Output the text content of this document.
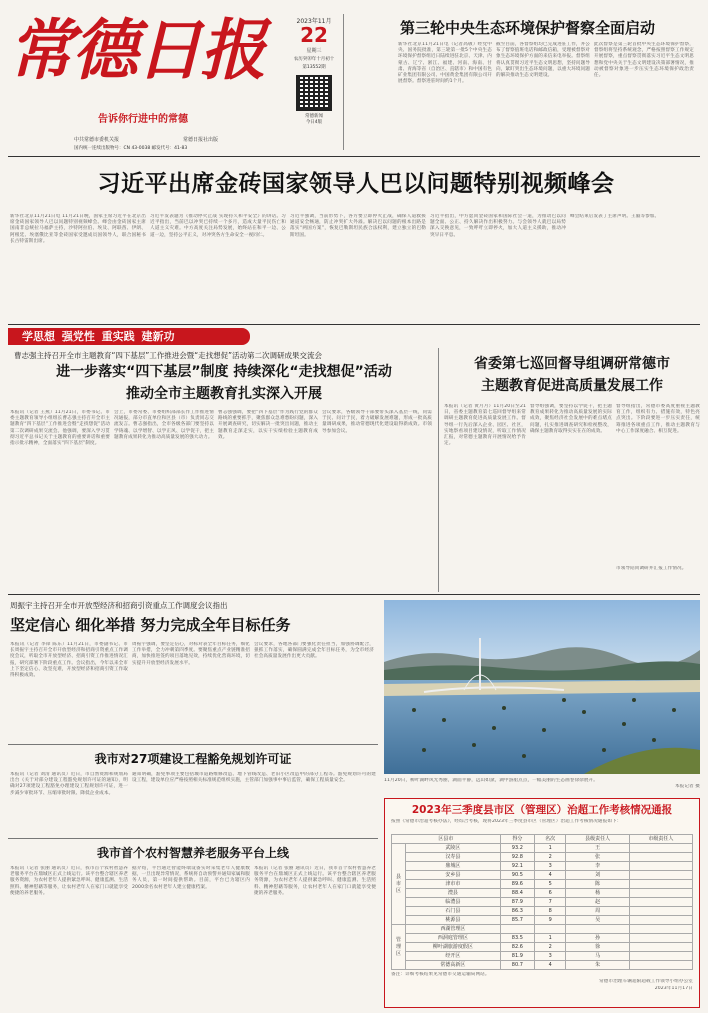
常德日报
告诉你行进中的常德
中共常德市委机关报	常德日报社出版
国内统一连续出版物号：CN 43-0038 邮发代号：41-83
2023年11月
22
星期三
农历癸卯年十月初十
第13552期
常德新闻
今日4版
第三轮中央生态环境保护督察全面启动
新华社北京11月21日电（记者高敬）经党中央、国务院批准，第三轮第一批5个中央生态环境保护督察组近日陆续进驻北京、天津、内蒙古、辽宁、浙江、福建、河南、海南、甘肃、青海等省（自治区、直辖市）和中国有色矿业集团有限公司、中国黄金集团有限公司开展督察。督察进驻时间约1个月。
截至目前，各督察组均已完成进驻工作，并公布了督察值班电话和邮政信箱，受理被督察对象生态环境保护方面的来信来电举报。督察组将认真贯彻习近平生态文明思想，坚持问题导向，紧盯突出生态环境问题，以重大环境问题的解决推动生态文明建设。
此次督察是第三轮首批中央生态环境保护督察，督察组将坚持系统观念，严格按照督察工作规定开展督察，重点督察贯彻落实习近平生态文明思想和党中央关于生态文明建设决策部署情况，推动被督察对象进一步压实生态环境保护政治责任。
习近平出席金砖国家领导人巴以问题特别视频峰会
新华社北京11月21日电 11月21日晚，国家主席习近平在北京出席金砖国家领导人巴以问题特别视频峰会。峰会由金砖国家主席国南非总统拉马福萨主持，沙特阿拉伯、埃及、阿联酋、伊朗、阿根廷、埃塞俄比亚等金砖国家受邀成员国领导人，联合国秘书长古特雷斯出席。
习近平发表题为《推动停火止战 实现持久和平安全》的讲话。习近平指出，当前巴以冲突已持续一个多月，造成大量平民伤亡和人道主义灾难。中方高度关注局势发展，始终站在和平一边、公道一边，坚持公平正义，对冲突各方生命安全一视同仁。
习近平强调，当前形势下，各方要立即停火止战，确保人道救援通道安全畅通，防止冲突扩大外溢。解决巴以问题的根本出路是落实“两国方案”，恢复巴勒斯坦民族合法权利，建立独立的巴勒斯坦国。
习近平指出，中方愿同金砖国家和国际社会一道，为推动巴以问题全面、公正、持久解决作出积极努力。与会领导人就巴以局势深入交换意见，一致呼吁立即停火，加大人道主义援助，推动冲突早日平息。
峰会结束后发表了主席声明。王毅等参加。
学思想 强党性 重实践 建新功
曹志强主持召开全市主题教育“四下基层”工作推进会暨“走找想促”活动第二次调研成果交流会
进一步落实“四下基层”制度 持续深化“走找想促”活动
推动全市主题教育扎实深入开展
本报讯（记者 王燕）11月21日，市委书记、市委主题教育领导小组组长曹志强主持召开全市主题教育“四下基层”工作推进会暨“走找想促”活动第二次调研成果交流会。他强调，要深入学习贯彻习近平总书记关于主题教育的重要讲话和重要指示批示精神，全面落实“四下基层”制度。
会上，市委常委、市委组织部部长作工作推进情况通报，部分市直单位和区县（市）负责同志交流发言。曹志强指出，全市各级各部门要坚持以学铸魂、以学增智、以学正风、以学促干，把主题教育成果转化为推动高质量发展的强大动力。
曹志强强调，要把“四下基层”作为践行党的群众路线的重要抓手，聚焦群众急难愁盼问题，深入开展调查研究，切实解决一批突出问题，推动主题教育走深走实，以实干实绩检验主题教育成效。
会议要求，各级领导干部要带头深入基层一线，问需于民、问计于民，着力破解发展难题，形成一批高质量调研成果，推动常德现代化建设取得新成效。市领导参加会议。
省委第七巡回督导组调研常德市
主题教育促进高质量发展工作
本报讯（记者 黄月月）11月20日至21日，省委主题教育第七巡回督导组来常调研主题教育促进高质量发展工作。督导组一行先后深入企业、园区、社区，实地察看项目建设情况，听取工作情况汇报，对常德主题教育开展情况给予肯定。
督导组强调，要坚持以学促干，把主题教育成果转化为推动高质量发展的实际成效，聚焦经济社会发展中的难点堵点问题，扎实推进调查研究和检视整改，确保主题教育取得实实在在的成效。
督导组指出，常德市委高度重视主题教育工作，组织有力、措施有效，特色亮点突出。下阶段要进一步压实责任，统筹推进各项重点工作，推动主题教育与中心工作深度融合、相互促进。
市领导陪同调研并汇报工作情况。
周振宇主持召开全市开放型经济和招商引资重点工作调度会议指出
坚定信心 细化举措 努力完成全年目标任务
本报讯（记者 李锋 陈东）11月21日，市委副书记、市长周振宇主持召开全市开放型经济和招商引资重点工作调度会议，听取全市开放型经济、招商引资工作推进情况汇报，研究部署下阶段重点工作。会议指出，今年以来全市上下坚定信心、攻坚克难，开放型经济和招商引资工作取得积极成效。
周振宇强调，要坚定信心，对标对表全年目标任务，细化工作举措，全力冲刺第四季度。要聚焦重点产业链精准招商，加快推进签约项目落地见效，持续优化营商环境，切实提升开放型经济发展水平。
会议要求，各地各部门要强化责任担当，加强协调配合，狠抓工作落实，确保圆满完成全年目标任务，为全市经济社会高质量发展作出更大贡献。
11月20日，柳叶湖畔风光秀丽，湖面平静，远山如黛，湖中游船点点，一幅美丽的生态画卷徐徐展开。
本报记者 摄
我市对27项建设工程豁免规划许可证
本报讯（记者 刘清 通讯员）近日，市自然资源和规划局出台《关于对部分建设工程豁免规划许可证的通知》，明确对27项建设工程豁免办理建设工程规划许可证，进一步减少审批环节、压缩审批时限、降低企业成本。
通知明确，豁免事项主要包括城市道路维修改造、地下管线改造、老旧小区改造中的部分工程等。豁免规划许可的建设工程，建设单位应严格按照相关标准规范组织实施，主管部门加强事中事后监管，确保工程质量安全。
我市首个农村智慧养老服务平台上线
本报讯（记者 张丽 通讯员）近日，我市首个农村智慧养老服务平台在鼎城区正式上线运行。该平台整合辖区养老服务资源，为农村老年人提供紧急呼叫、健康监测、生活照料、精神慰藉等服务，让农村老年人在家门口就能享受便捷的养老服务。
据介绍，平台通过智能终端设备实时采集老年人健康数据，一旦出现异常情况，系统将自动预警并通知家属和服务人员，第一时间提供帮助。目前，平台已为辖区内2000余名农村老年人建立健康档案。
本报讯（记者 张丽 通讯员）近日，我市首个农村智慧养老服务平台在鼎城区正式上线运行。该平台整合辖区养老服务资源，为农村老年人提供紧急呼叫、健康监测、生活照料、精神慰藉等服务，让农村老年人在家门口就能享受便捷的养老服务。
2023年三季度县市区（管理区）治超工作考核情况通报
按照《常德市治超考核办法》，经综合考核，现将2023年三季度县市区（管理区）治超工作考核情况通报如下：
区县市		得分	名次	县级责任人	市级责任人
县市区	武陵区	93.2	1	王	
	汉寿县	92.8	2	张	
	鼎城区	92.1	3	李	
	安乡县	90.5	4	刘	
	津市市	89.6	5	陈	
	澧县	88.4	6	杨	
	临澧县	87.9	7	赵	
	石门县	86.3	8	周	
	桃源县	85.7	9	吴	
管理区	西湖管理区				
	西洞庭管理区	83.5	1	孙	
	柳叶湖旅游度假区	82.6	2	徐	
	经开区	81.9	3	马	
	常德高新区	80.7	4	朱	
备注：详细考核结果见常德市交通运输局网站。
常德市治理车辆超限超载工作领导小组办公室
2023年11月17日
